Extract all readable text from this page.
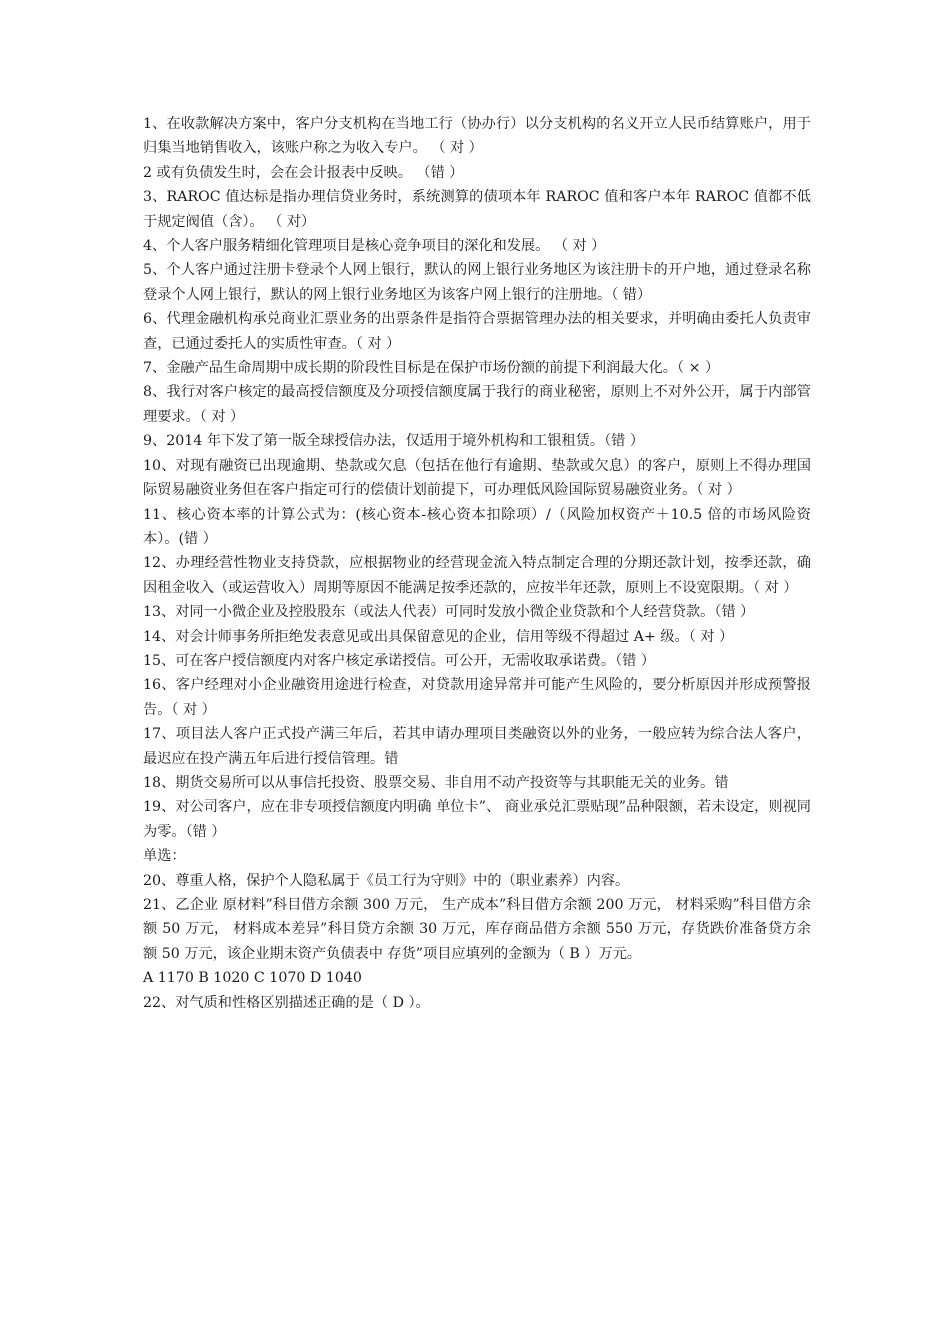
1、在收款解决方案中，客户分支机构在当地工行（协办行）以分支机构的名义开立人民币结算账户，用于归集当地销售收入，该账户称之为收入专户。 （ 对 ）

2 或有负债发生时，会在会计报表中反映。 （错 ）

3、RAROC 值达标是指办理信贷业务时，系统测算的债项本年 RAROC 值和客户本年 RAROC 值都不低于规定阀值（含）。 （ 对）

4、个人客户服务精细化管理项目是核心竞争项目的深化和发展。 （ 对 ）

5、个人客户通过注册卡登录个人网上银行，默认的网上银行业务地区为该注册卡的开户地，通过登录名称登录个人网上银行，默认的网上银行业务地区为该客户网上银行的注册地。（ 错）

6、代理金融机构承兑商业汇票业务的出票条件是指符合票据管理办法的相关要求，并明确由委托人负责审查，已通过委托人的实质性审查。（ 对 ）

7、金融产品生命周期中成长期的阶段性目标是在保护市场份额的前提下利润最大化。（ × ）

8、我行对客户核定的最高授信额度及分项授信额度属于我行的商业秘密，原则上不对外公开，属于内部管理要求。（ 对 ）

9、2014 年下发了第一版全球授信办法，仅适用于境外机构和工银租赁。（错 ）

10、对现有融资已出现逾期、垫款或欠息（包括在他行有逾期、垫款或欠息）的客户，原则上不得办理国际贸易融资业务但在客户指定可行的偿债计划前提下，可办理低风险国际贸易融资业务。（ 对 ）

11、核心资本率的计算公式为：(核心资本-核心资本扣除项）/（风险加权资产＋10.5 倍的市场风险资本）。(错 ）

12、办理经营性物业支持贷款，应根据物业的经营现金流入特点制定合理的分期还款计划，按季还款，确因租金收入（或运营收入）周期等原因不能满足按季还款的，应按半年还款，原则上不设宽限期。（ 对 ）

13、对同一小微企业及控股股东（或法人代表）可同时发放小微企业贷款和个人经营贷款。（错 ）

14、对会计师事务所拒绝发表意见或出具保留意见的企业，信用等级不得超过 A+ 级。（ 对 ）

15、可在客户授信额度内对客户核定承诺授信。可公开，无需收取承诺费。（错 ）

16、客户经理对小企业融资用途进行检查，对贷款用途异常并可能产生风险的，要分析原因并形成预警报告。（ 对 ）

17、项目法人客户正式投产满三年后，若其申请办理项目类融资以外的业务，一般应转为综合法人客户，最迟应在投产满五年后进行授信管理。错

18、期货交易所可以从事信托投资、股票交易、非自用不动产投资等与其职能无关的业务。错

19、对公司客户，应在非专项授信额度内明确 单位卡”、 商业承兑汇票贴现”品种限额，若未设定，则视同为零。（错 ）

单选：

20、尊重人格，保护个人隐私属于《员工行为守则》中的（职业素养）内容。

21、乙企业 原材料”科目借方余额 300 万元， 生产成本”科目借方余额 200 万元， 材料采购”科目借方余额 50 万元， 材料成本差异”科目贷方余额 30 万元，库存商品借方余额 550 万元，存货跌价准备贷方余额 50 万元，该企业期末资产负债表中 存货”项目应填列的金额为（ B ）万元。

A 1170 B 1020 C 1070 D 1040

22、对气质和性格区别描述正确的是（ D ）。
